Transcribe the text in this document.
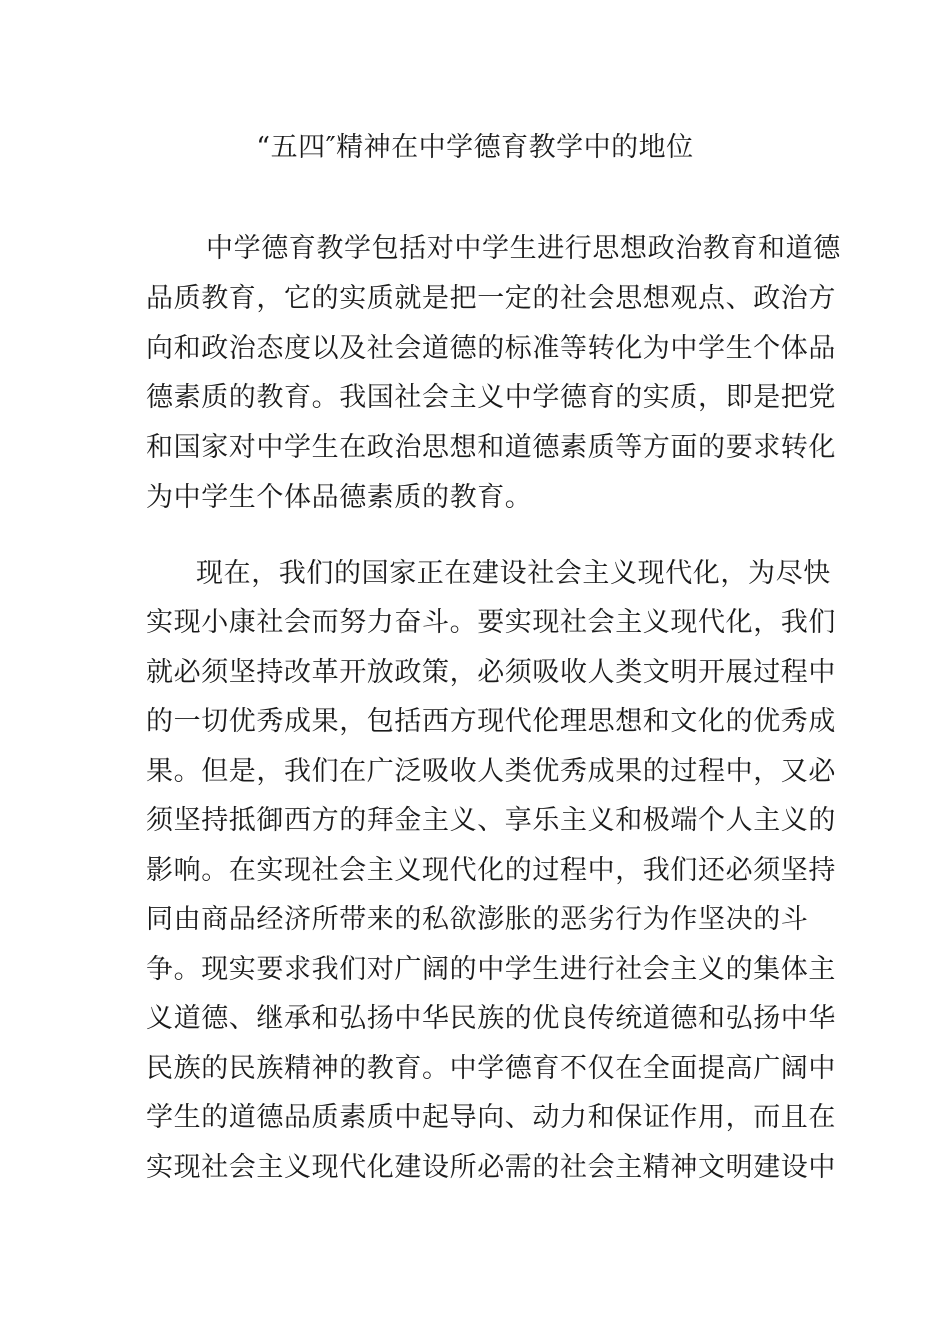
“五四″精神在中学德育教学中的地位
中学德育教学包括对中学生进行思想政治教育和道德
品质教育，它的实质就是把一定的社会思想观点、政治方
向和政治态度以及社会道德的标准等转化为中学生个体品
德素质的教育。我国社会主义中学德育的实质，即是把党
和国家对中学生在政治思想和道德素质等方面的要求转化
为中学生个体品德素质的教育。
现在，我们的国家正在建设社会主义现代化，为尽快
实现小康社会而努力奋斗。要实现社会主义现代化，我们
就必须坚持改革开放政策，必须吸收人类文明开展过程中
的一切优秀成果，包括西方现代伦理思想和文化的优秀成
果。但是，我们在广泛吸收人类优秀成果的过程中，又必
须坚持抵御西方的拜金主义、享乐主义和极端个人主义的
影响。在实现社会主义现代化的过程中，我们还必须坚持
同由商品经济所带来的私欲澎胀的恶劣行为作坚决的斗
争。现实要求我们对广阔的中学生进行社会主义的集体主
义道德、继承和弘扬中华民族的优良传统道德和弘扬中华
民族的民族精神的教育。中学德育不仅在全面提高广阔中
学生的道德品质素质中起导向、动力和保证作用，而且在
实现社会主义现代化建设所必需的社会主精神文明建设中
